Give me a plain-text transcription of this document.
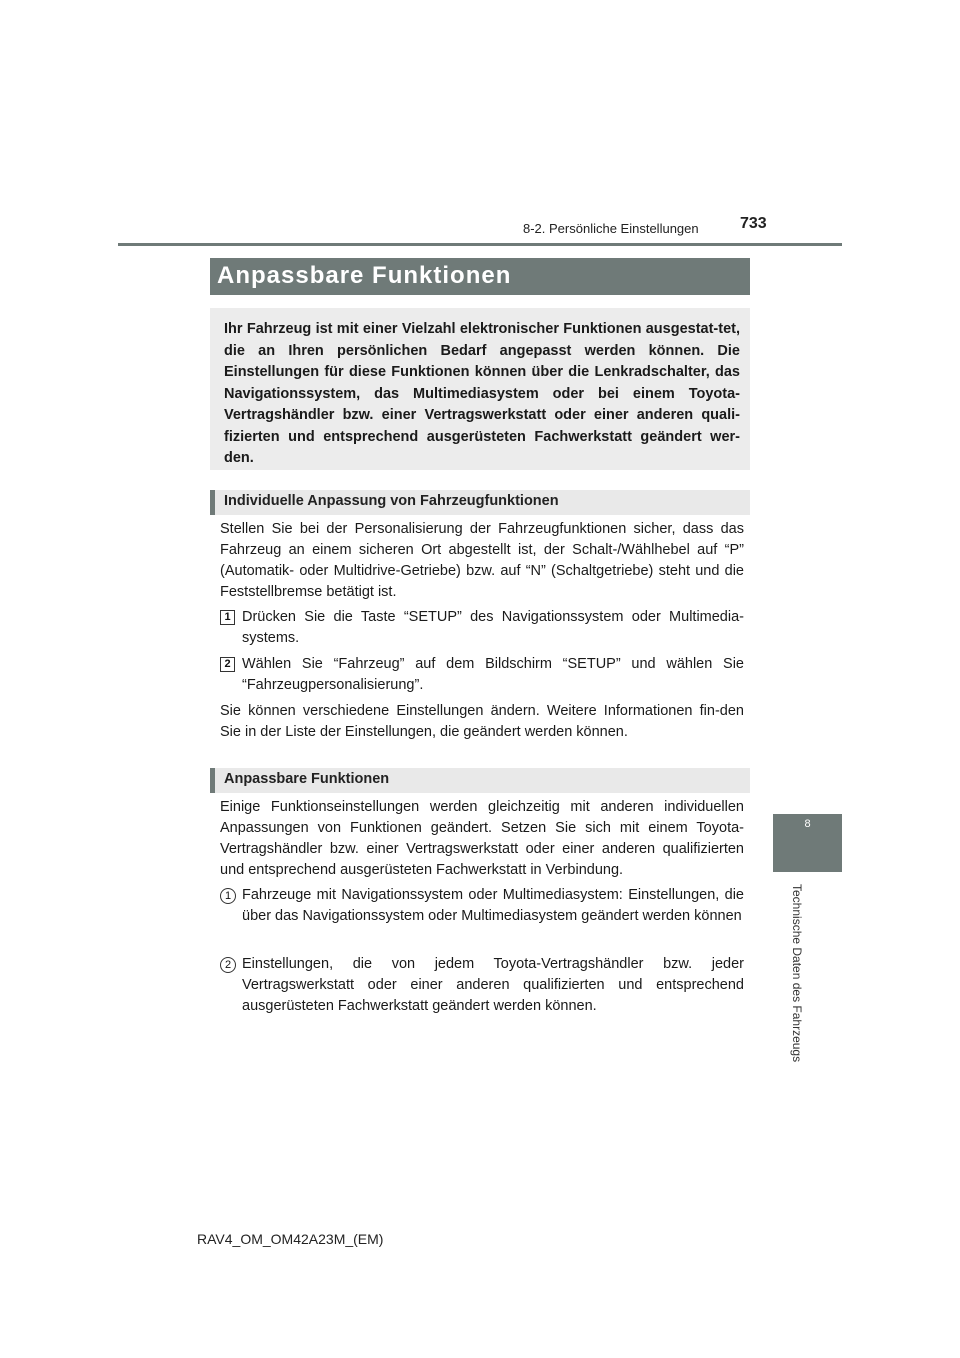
8-2. Persönliche Einstellungen	733
8
Technische Daten des Fahrzeugs
Anpassbare Funktionen

Ihr Fahrzeug ist mit einer Vielzahl elektronischer Funktionen ausgestat-tet, die an Ihren persönlichen Bedarf angepasst werden können. Die Einstellungen für diese Funktionen können über die Lenkradschalter, das Navigationssystem, das Multimediasystem oder bei einem Toyota-Vertragshändler bzw. einer Vertragswerkstatt oder einer anderen quali-fizierten und entsprechend ausgerüsteten Fachwerkstatt geändert wer-den.

Individuelle Anpassung von Fahrzeugfunktionen

Stellen Sie bei der Personalisierung der Fahrzeugfunktionen sicher, dass das Fahrzeug an einem sicheren Ort abgestellt ist, der Schalt-/Wählhebel auf “P” (Automatik- oder Multidrive-Getriebe) bzw. auf “N” (Schaltgetriebe) steht und die Feststellbremse betätigt ist.

1 Drücken Sie die Taste “SETUP” des Navigationssystem oder Multimedia-systems.

2 Wählen Sie “Fahrzeug” auf dem Bildschirm “SETUP” und wählen Sie “Fahrzeugpersonalisierung”.

Sie können verschiedene Einstellungen ändern. Weitere Informationen fin-den Sie in der Liste der Einstellungen, die geändert werden können.

Anpassbare Funktionen

Einige Funktionseinstellungen werden gleichzeitig mit anderen individuellen Anpassungen von Funktionen geändert. Setzen Sie sich mit einem Toyota-Vertragshändler bzw. einer Vertragswerkstatt oder einer anderen qualifizierten und entsprechend ausgerüsteten Fachwerkstatt in Verbindung.

1 Fahrzeuge mit Navigationssystem oder Multimediasystem: Einstellungen, die über das Navigationssystem oder Multimediasystem geändert werden können

2 Einstellungen, die von jedem Toyota-Vertragshändler bzw. jeder Vertragswerkstatt oder einer anderen qualifizierten und entsprechend ausgerüsteten Fachwerkstatt geändert werden können.

RAV4_OM_OM42A23M_(EM)
